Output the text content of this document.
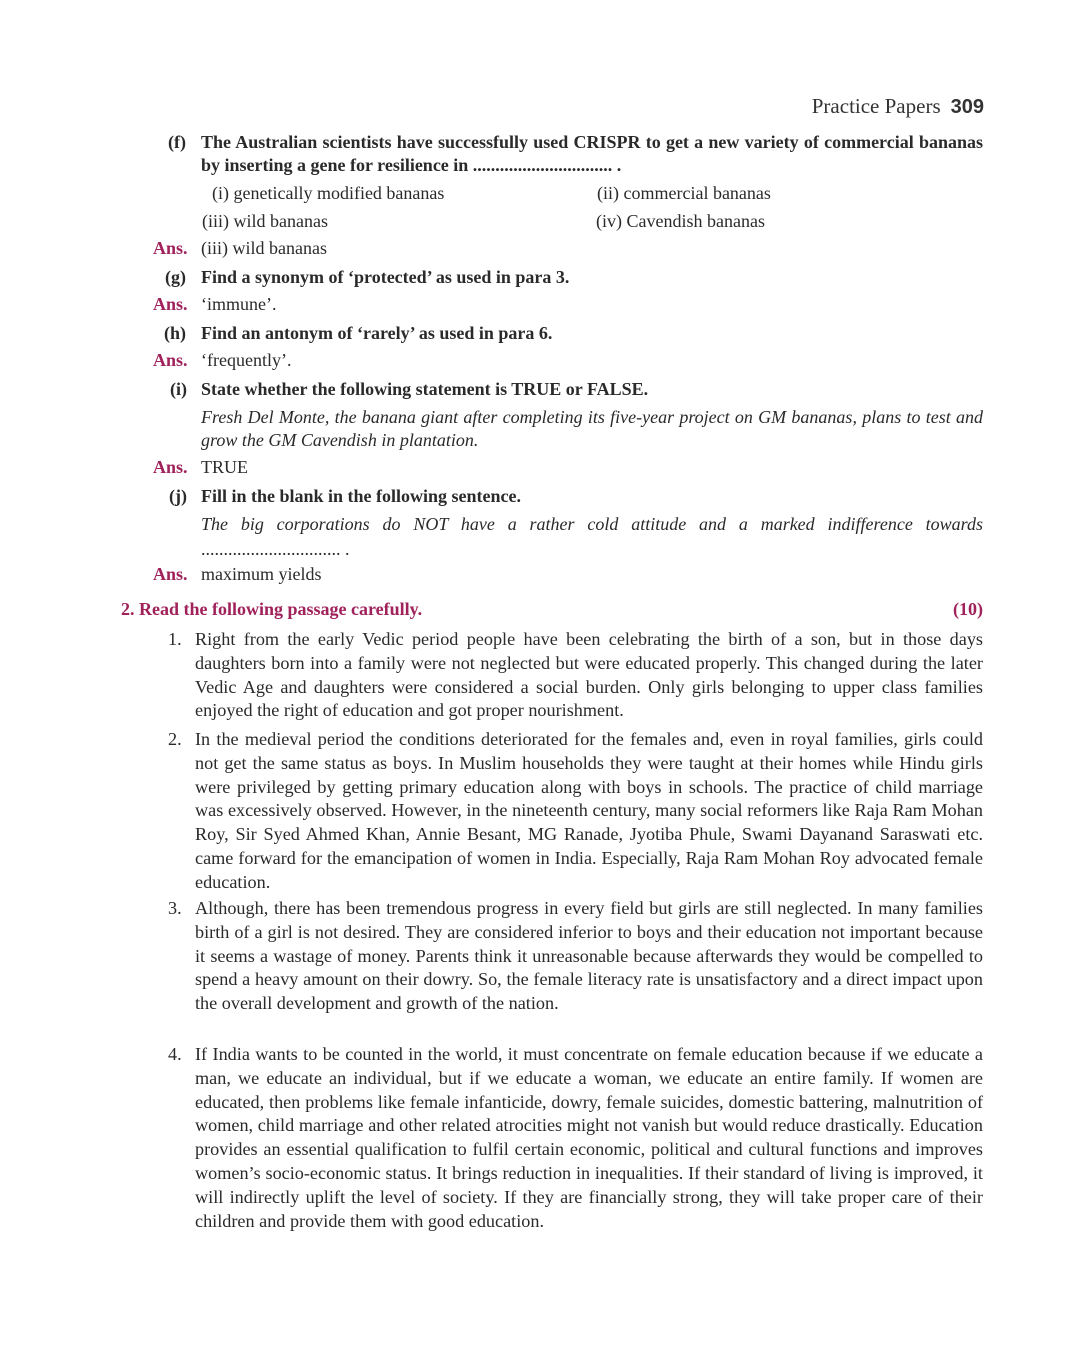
Practice Papers 309
(f) The Australian scientists have successfully used CRISPR to get a new variety of commercial bananas by inserting a gene for resilience in ............................... .
(i) genetically modified bananas	(ii) commercial bananas
(iii) wild bananas	(iv) Cavendish bananas
Ans. (iii) wild bananas
(g) Find a synonym of ‘protected’ as used in para 3.
Ans. ‘immune’.
(h) Find an antonym of ‘rarely’ as used in para 6.
Ans. ‘frequently’.
(i) State whether the following statement is TRUE or FALSE.
Fresh Del Monte, the banana giant after completing its five-year project on GM bananas, plans to test and grow the GM Cavendish in plantation.
Ans. TRUE
(j) Fill in the blank in the following sentence.
The big corporations do NOT have a rather cold attitude and a marked indifference towards
............................... .
Ans. maximum yields
2. Read the following passage carefully.	(10)
1. Right from the early Vedic period people have been celebrating the birth of a son, but in those days daughters born into a family were not neglected but were educated properly. This changed during the later Vedic Age and daughters were considered a social burden. Only girls belonging to upper class families enjoyed the right of education and got proper nourishment.
2. In the medieval period the conditions deteriorated for the females and, even in royal families, girls could not get the same status as boys. In Muslim households they were taught at their homes while Hindu girls were privileged by getting primary education along with boys in schools. The practice of child marriage was excessively observed. However, in the nineteenth century, many social reformers like Raja Ram Mohan Roy, Sir Syed Ahmed Khan, Annie Besant, MG Ranade, Jyotiba Phule, Swami Dayanand Saraswati etc. came forward for the emancipation of women in India. Especially, Raja Ram Mohan Roy advocated female education.
3. Although, there has been tremendous progress in every field but girls are still neglected. In many families birth of a girl is not desired. They are considered inferior to boys and their education not important because it seems a wastage of money. Parents think it unreasonable because afterwards they would be compelled to spend a heavy amount on their dowry. So, the female literacy rate is unsatisfactory and a direct impact upon the overall development and growth of the nation.
4. If India wants to be counted in the world, it must concentrate on female education because if we educate a man, we educate an individual, but if we educate a woman, we educate an entire family. If women are educated, then problems like female infanticide, dowry, female suicides, domestic battering, malnutrition of women, child marriage and other related atrocities might not vanish but would reduce drastically. Education provides an essential qualification to fulfil certain economic, political and cultural functions and improves women’s socio-economic status. It brings reduction in inequalities. If their standard of living is improved, it will indirectly uplift the level of society. If they are financially strong, they will take proper care of their children and provide them with good education.
